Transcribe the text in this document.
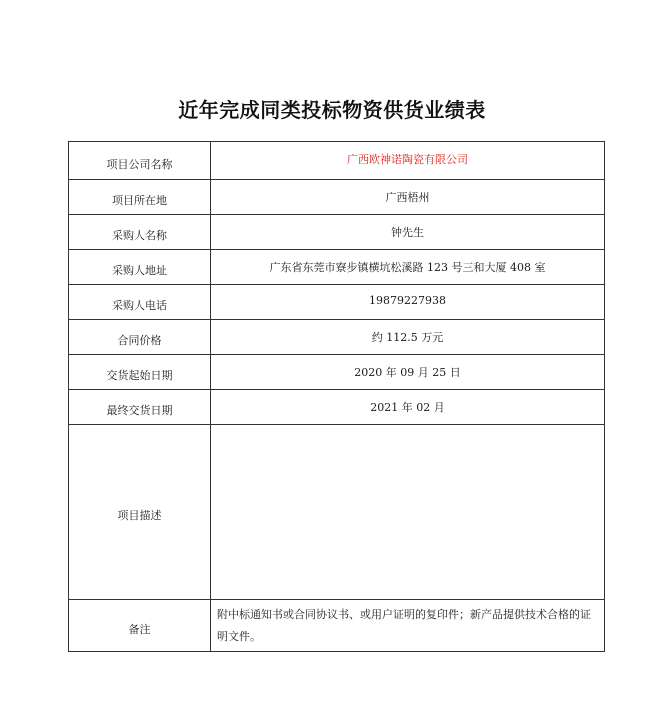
近年完成同类投标物资供货业绩表
项目公司名称	广西欧神诺陶瓷有限公司
项目所在地	广西梧州
采购人名称	钟先生
采购人地址	广东省东莞市寮步镇横坑松溪路 123 号三和大厦 408 室
采购人电话	19879227938
合同价格	约 112.5 万元
交货起始日期	2020 年 09 月 25 日
最终交货日期	2021 年 02 月
项目描述	
备注	附中标通知书或合同协议书、或用户证明的复印件；新产品提供技术合格的证明文件。
